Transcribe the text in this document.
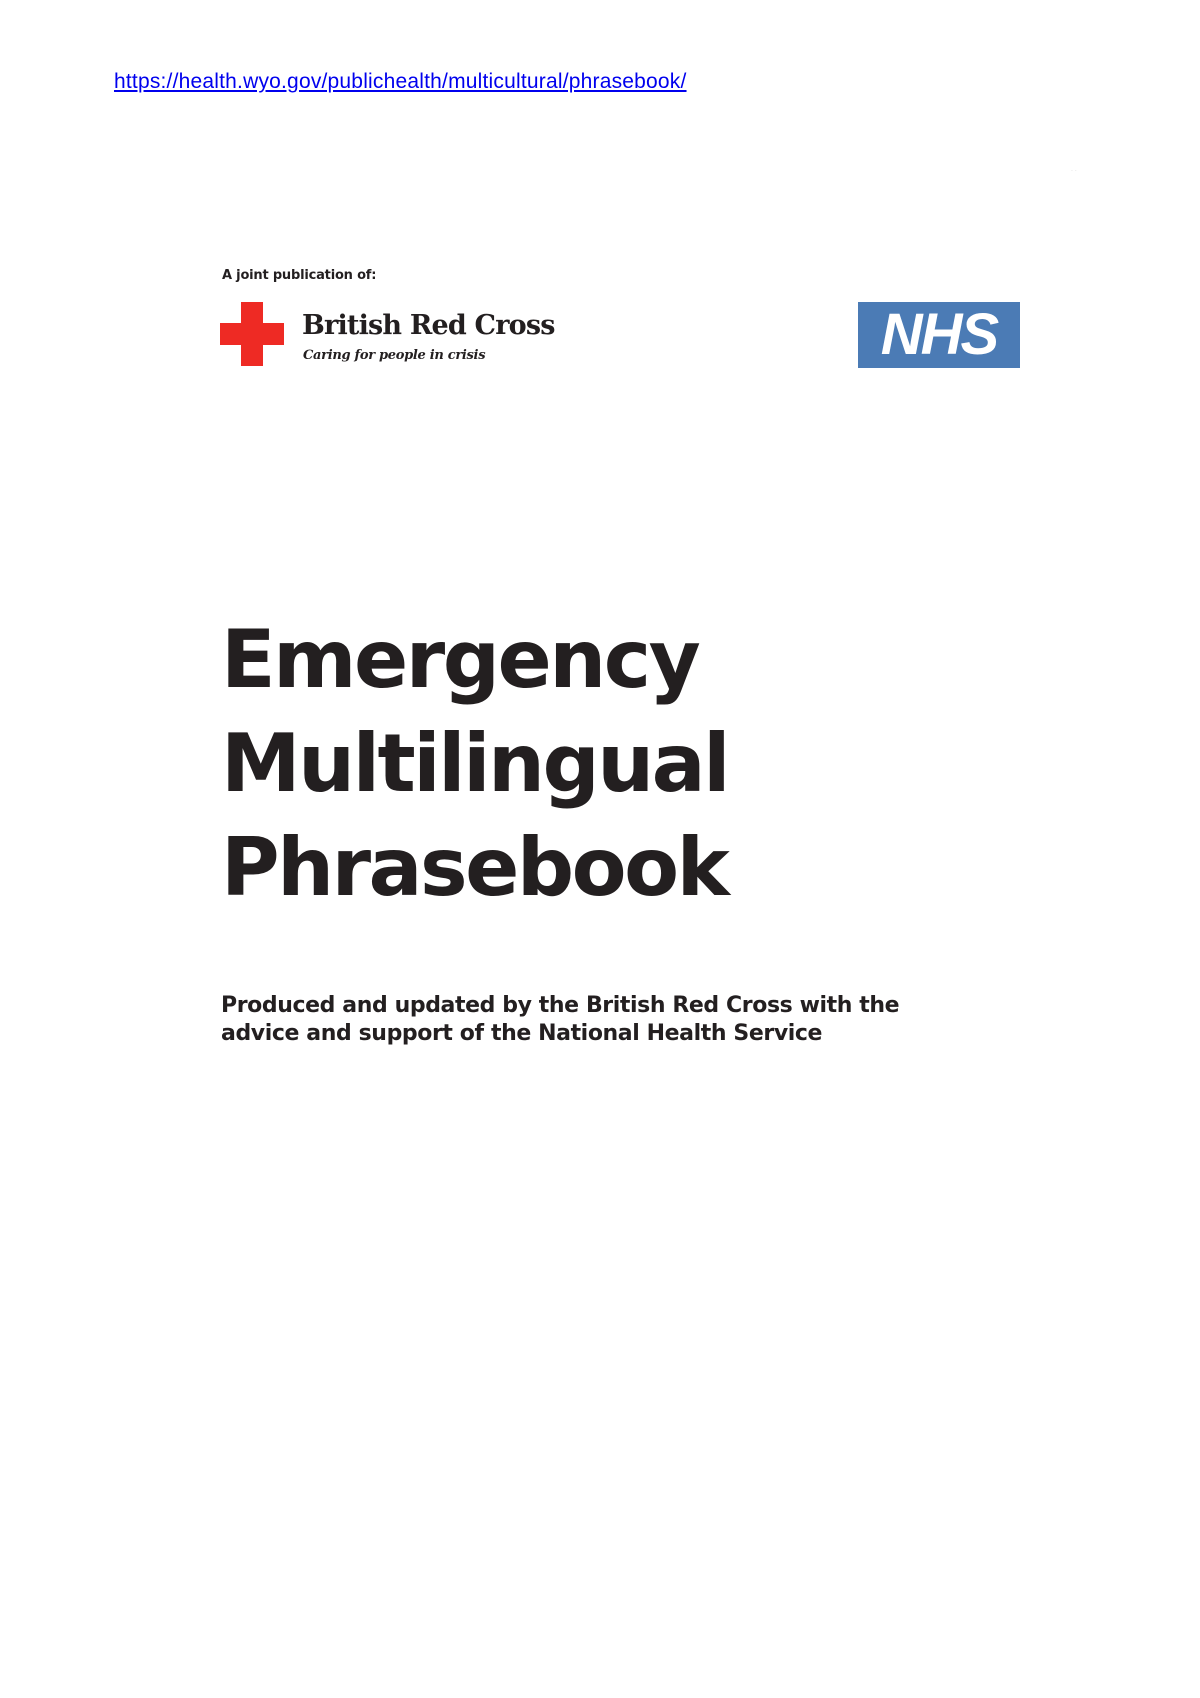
https://health.wyo.gov/publichealth/multicultural/phrasebook/
· ·
A joint publication of:
British Red Cross
Caring for people in crisis	NHS
Emergency
Multilingual
Phrasebook

Produced and updated by the British Red Cross with the
advice and support of the National Health Service
